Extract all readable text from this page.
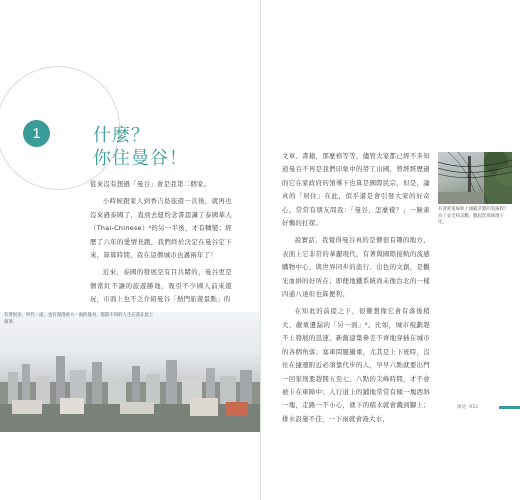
1	什麼？
你住曼谷！

從來沒有想過「曼谷」會是我第二個家。

小時候跟家人到香吉島旅遊一次後，就再也沒來過泰國了，直到去紐約念書認識了泰國華人（Thai-Chinese）⁴的另一半後，才有轉變；經歷了六年的愛情長跑，我們終於決定在曼谷定下來，算算時間，我在這個城市也邁兩年了！

近來，泰國的發展是有目共睹的，曼谷更是個當紅不讓的旅遊勝地，吸引不少國人前來遊玩，市面上也不乏介紹曼谷「熱門旅遊景點」的

有著很多，所代一面，也有漫漫看大一面的曼谷，都將不同的人生在落在此上演著。

文章、書籍，那麼格等等，儘管大家都已經不多知道曼谷不再是我們印象中的勞工出國，曾經經歷過的它在家政府的領導下也算是國際民宗，但是，論真的「居住」在此，似乎還是會引發大家的好奇心，常常有朋友問我：「曼谷，怎麼樣？」一臉雀好懶的打探。

說實話，我覺得曼谷真的是個很有趣的地方，表面上它非常的華麗現代，有著與國際接軌的流感購物中心，與世界同步的流行、出色的文創，是觀光血拼的好所在；即便地鐵系統尚未像台北的一樣四通八達但也算便利。

在知此的前提之下，很難想像它會有落後稍大、嚴重遺漏的「另一面」⁶。比如，城市規劃趕不上發展的迅速，新舊建築參差不齊地穿插在城市的各個角落；塞車問題嚴重，尤其是上下班時，沒住在捷運附近必須靠代步的人，早早六點就要出門一回家則要趕開五至七、八點的尖峰時間，才不會被卡在車陣中；人行道上的鋪地常常有傾一塊西斜一塊，走路一不小心，就下的積水就會濺到腳上；排水設施不佳，一下雨就會淹大水，

有著密電線和上頭亂草雜的電線桿？為了安全和美觀，數起您那條地下化。
廣迎 033
